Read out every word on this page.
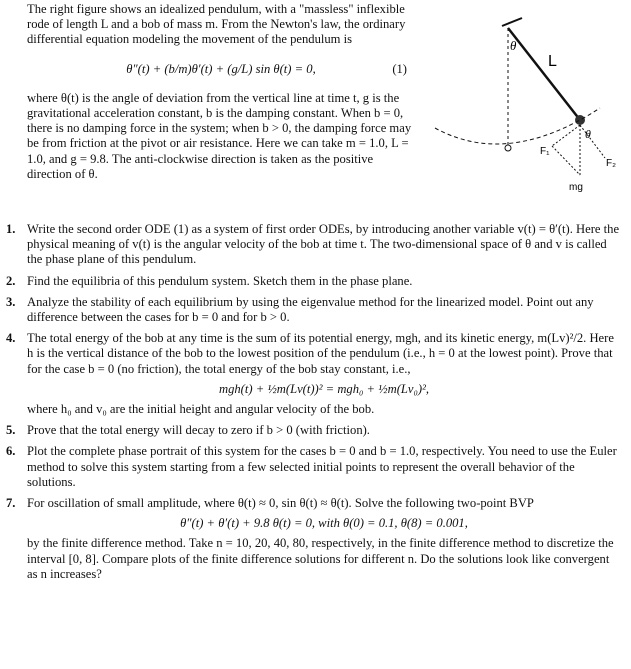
The right figure shows an idealized pendulum, with a "massless" inflexible rode of length L and a bob of mass m. From the Newton's law, the ordinary differential equation modeling the movement of the pendulum is

θ″(t) + (b/m)θ′(t) + (g/L) sin θ(t) = 0,	(1)

where θ(t) is the angle of deviation from the vertical line at time t, g is the gravitational acceleration constant, b is the damping constant. When b = 0, there is no damping force in the system; when b > 0, the damping force may be from friction at the pivot or air resistance. Here we can take m = 1.0, L = 1.0, and g = 9.8. The anti-clockwise direction is taken as the positive direction of θ.

θ
L
θ
F₁
F₂
mg
1. Write the second order ODE (1) as a system of first order ODEs, by introducing another variable v(t) = θ′(t). Here the physical meaning of v(t) is the angular velocity of the bob at time t. The two-dimensional space of θ and v is called the phase plane of this pendulum.
2. Find the equilibria of this pendulum system. Sketch them in the phase plane.
3. Analyze the stability of each equilibrium by using the eigenvalue method for the linearized model. Point out any difference between the cases for b = 0 and for b > 0.
4. The total energy of the bob at any time is the sum of its potential energy, mgh, and its kinetic energy, m(Lv)²/2. Here h is the vertical distance of the bob to the lowest position of the pendulum (i.e., h = 0 at the lowest point). Prove that for the case b = 0 (no friction), the total energy of the bob stay constant, i.e.,
mgh(t) + ½m(Lv(t))² = mgh₀ + ½m(Lv₀)²,
where h₀ and v₀ are the initial height and angular velocity of the bob.
5. Prove that the total energy will decay to zero if b > 0 (with friction).
6. Plot the complete phase portrait of this system for the cases b = 0 and b = 1.0, respectively. You need to use the Euler method to solve this system starting from a few selected initial points to represent the overall behavior of the solutions.
7. For oscillation of small amplitude, where θ(t) ≈ 0, sin θ(t) ≈ θ(t). Solve the following two-point BVP
θ″(t) + θ′(t) + 9.8 θ(t) = 0, with θ(0) = 0.1, θ(8) = 0.001,
by the finite difference method. Take n = 10, 20, 40, 80, respectively, in the finite difference method to discretize the interval [0, 8]. Compare plots of the finite difference solutions for different n. Do the solutions look like convergent as n increases?
